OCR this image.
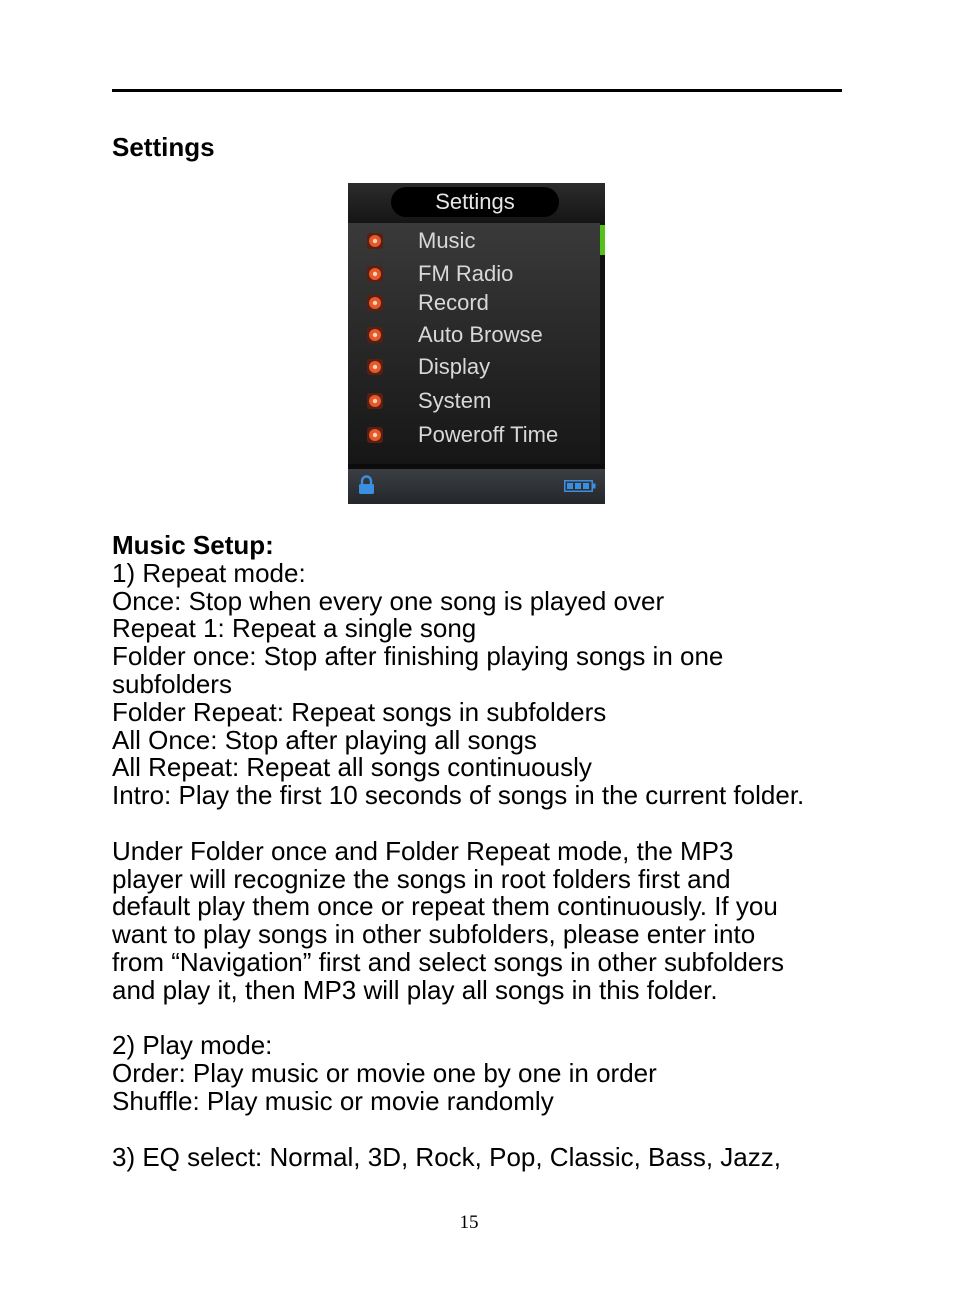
Settings
Settings
Music
FM Radio
Record
Auto Browse
Display
System
Poweroff Time
Music Setup:
1) Repeat mode:
Once: Stop when every one song is played over
Repeat 1: Repeat a single song
Folder once: Stop after finishing playing songs in one
subfolders
Folder Repeat: Repeat songs in subfolders
All Once: Stop after playing all songs
All Repeat: Repeat all songs continuously
Intro: Play the first 10 seconds of songs in the current folder.
Under Folder once and Folder Repeat mode, the MP3
player will recognize the songs in root folders first and
default play them once or repeat them continuously. If you
want to play songs in other subfolders, please enter into
from “Navigation” first and select songs in other subfolders
and play it, then MP3 will play all songs in this folder.
2) Play mode:
Order: Play music or movie one by one in order
Shuffle: Play music or movie randomly
3) EQ select: Normal, 3D, Rock, Pop, Classic, Bass, Jazz,
15
